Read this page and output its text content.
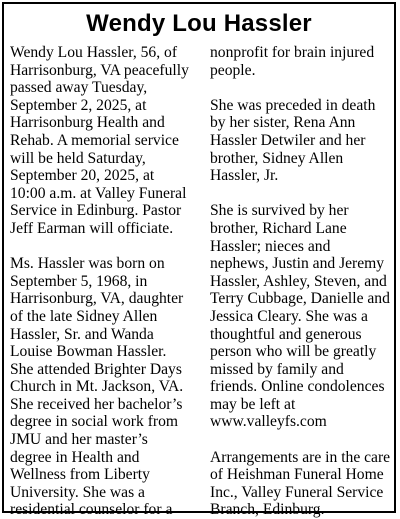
Wendy Lou Hassler
Wendy Lou Hassler, 56, of
Harrisonburg, VA peacefully
passed away Tuesday,
September 2, 2025, at
Harrisonburg Health and
Rehab. A memorial service
will be held Saturday,
September 20, 2025, at
10:00 a.m. at Valley Funeral
Service in Edinburg. Pastor
Jeff Earman will officiate.
Ms. Hassler was born on
September 5, 1968, in
Harrisonburg, VA, daughter
of the late Sidney Allen
Hassler, Sr. and Wanda
Louise Bowman Hassler.
She attended Brighter Days
Church in Mt. Jackson, VA.
She received her bachelor’s
degree in social work from
JMU and her master’s
degree in Health and
Wellness from Liberty
University. She was a
residential counselor for a
nonprofit for brain injured
people.
She was preceded in death
by her sister, Rena Ann
Hassler Detwiler and her
brother, Sidney Allen
Hassler, Jr.
She is survived by her
brother, Richard Lane
Hassler; nieces and
nephews, Justin and Jeremy
Hassler, Ashley, Steven, and
Terry Cubbage, Danielle and
Jessica Cleary. She was a
thoughtful and generous
person who will be greatly
missed by family and
friends. Online condolences
may be left at
www.valleyfs.com
Arrangements are in the care
of Heishman Funeral Home
Inc., Valley Funeral Service
Branch, Edinburg.
